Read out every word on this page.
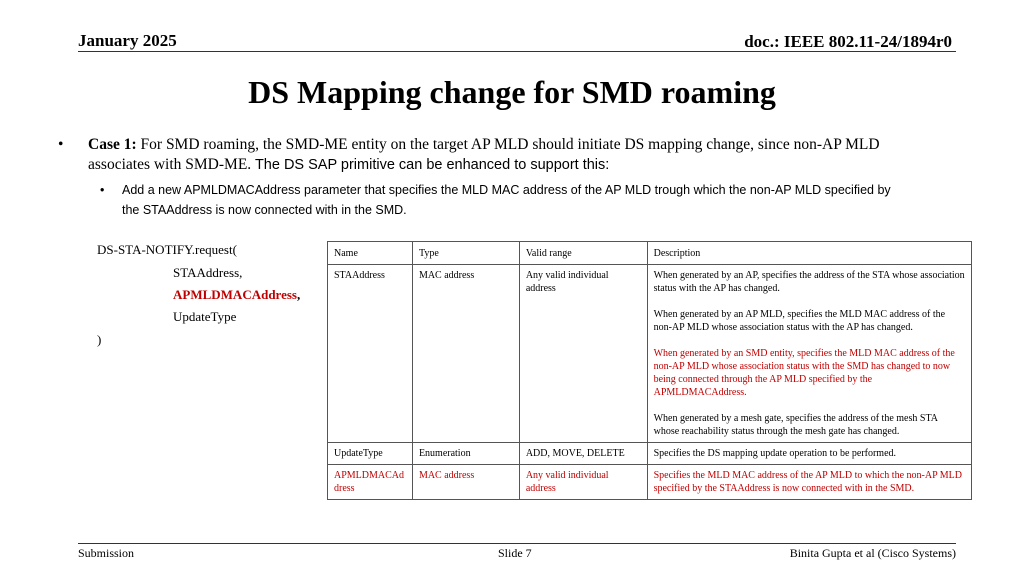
January 2025	doc.: IEEE 802.11-24/1894r0
DS Mapping change for SMD roaming
• Case 1: For SMD roaming, the SMD-ME entity on the target AP MLD should initiate DS mapping change, since non-AP MLD associates with SMD-ME. The DS SAP primitive can be enhanced to support this:
• Add a new APMLDMACAddress parameter that specifies the MLD MAC address of the AP MLD trough which the non-AP MLD specified by the STAAddress is now connected with in the SMD.
DS-STA-NOTIFY.request(
STAAddress,
APMLDMACAddress,
UpdateType
)
Name	Type	Valid range	Description
STAAddress	MAC address	Any valid individual address	When generated by an AP, specifies the address of the STA whose association status with the AP has changed.

When generated by an AP MLD, specifies the MLD MAC address of the non-AP MLD whose association status with the AP has changed.

When generated by an SMD entity, specifies the MLD MAC address of the non-AP MLD whose association status with the SMD has changed to now being connected through the AP MLD specified by the APMLDMACAddress.

When generated by a mesh gate, specifies the address of the mesh STA whose reachability status through the mesh gate has changed.

UpdateType	Enumeration	ADD, MOVE, DELETE	Specifies the DS mapping update operation to be performed.
APMLDMACAddress	MAC address	Any valid individual address	Specifies the MLD MAC address of the AP MLD to which the non-AP MLD specified by the STAAddress is now connected with in the SMD.
Submission	Slide 7	Binita Gupta et al (Cisco Systems)
